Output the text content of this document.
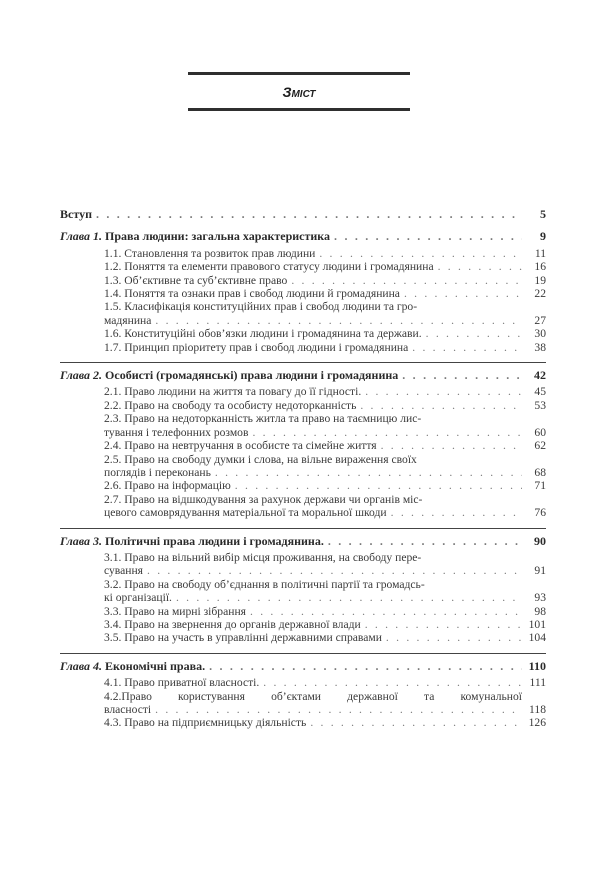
Зміст
Вступ . . .	5
Глава 1. Права людини: загальна характеристика . . .	9
1.1. Становлення та розвиток прав людини . . .	11
1.2. Поняття та елементи правового статусу людини і громадянина . . .	16
1.3. Об’єктивне та суб’єктивне право . . .	19
1.4. Поняття та ознаки прав і свобод людини й громадянина . . .	22
1.5. Класифікація конституційних прав і свобод людини та гро-
мадянина . . .	27
1.6. Конституційні обов’язки людини і громадянина та держави. . . .	30
1.7. Принцип пріоритету прав і свобод людини і громадянина . . .	38
Глава 2. Особисті (громадянські) права людини і громадянина . . .	42
2.1. Право людини на життя та повагу до її гідності. . . .	45
2.2. Право на свободу та особисту недоторканність . . .	53
2.3. Право на недоторканність житла та право на таємницю лис-
тування і телефонних розмов . . .	60
2.4. Право на невтручання в особисте та сімейне життя . . .	62
2.5. Право на свободу думки і слова, на вільне вираження своїх
поглядів і переконань . . .	68
2.6. Право на інформацію . . .	71
2.7. Право на відшкодування за рахунок держави чи органів міс-
цевого самоврядування матеріальної та моральної шкоди . . .	76
Глава 3. Політичні права людини і громадянина. . . .	90
3.1. Право на вільний вибір місця проживання, на свободу пере-
сування . . .	91
3.2. Право на свободу об’єднання в політичні партії та громадсь-
кі організації. . . .	93
3.3. Право на мирні зібрання . . .	98
3.4. Право на звернення до органів державної влади . . .	101
3.5. Право на участь в управлінні державними справами . . .	104
Глава 4. Економічні права. . . .	110
4.1. Право приватної власності. . . .	111
4.2.Право користування об’єктами державної та комунальної
власності . . .	118
4.3. Право на підприємницьку діяльність . . .	126
